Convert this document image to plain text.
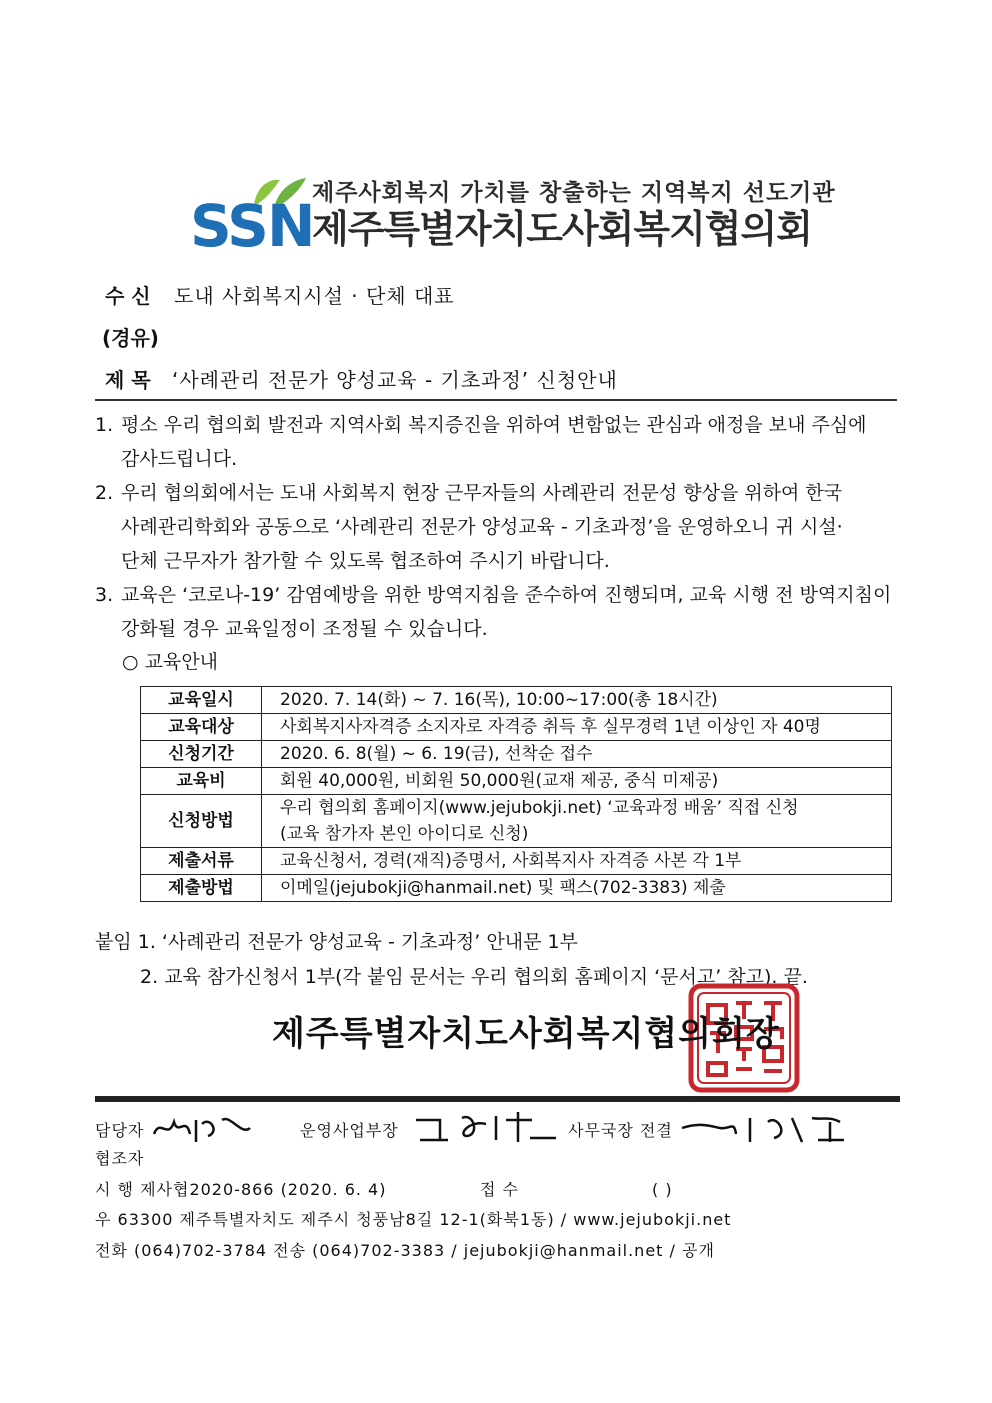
SSN
제주사회복지 가치를 창출하는 지역복지 선도기관
제주특별자치도사회복지협의회
수 신 도내 사회복지시설 · 단체 대표
(경유)
제 목 ‘사례관리 전문가 양성교육 - 기초과정’ 신청안내
1. 평소 우리 협의회 발전과 지역사회 복지증진을 위하여 변함없는 관심과 애정을 보내 주심에
감사드립니다.
2. 우리 협의회에서는 도내 사회복지 현장 근무자들의 사례관리 전문성 향상을 위하여 한국
사례관리학회와 공동으로 ‘사례관리 전문가 양성교육 - 기초과정’을 운영하오니 귀 시설·
단체 근무자가 참가할 수 있도록 협조하여 주시기 바랍니다.
3. 교육은 ‘코로나-19’ 감염예방을 위한 방역지침을 준수하여 진행되며, 교육 시행 전 방역지침이
강화될 경우 교육일정이 조정될 수 있습니다.
○ 교육안내
교육일시	2020. 7. 14(화) ~ 7. 16(목), 10:00~17:00(총 18시간)
교육대상	사회복지사자격증 소지자로 자격증 취득 후 실무경력 1년 이상인 자 40명
신청기간	2020. 6. 8(월) ~ 6. 19(금), 선착순 접수
교육비	회원 40,000원, 비회원 50,000원(교재 제공, 중식 미제공)
신청방법	우리 협의회 홈페이지(www.jejubokji.net) ‘교육과정 배움’ 직접 신청
(교육 참가자 본인 아이디로 신청)

제출서류	교육신청서, 경력(재직)증명서, 사회복지사 자격증 사본 각 1부
제출방법	이메일(jejubokji@hanmail.net) 및 팩스(702-3383) 제출
붙임 1. ‘사례관리 전문가 양성교육 - 기초과정’ 안내문 1부
2. 교육 참가신청서 1부(각 붙임 문서는 우리 협의회 홈페이지 ‘문서고’ 참고). 끝.
제주특별자치도사회복지협의회장
담당자	운영사업부장	사무국장 전결
협조자
시 행 제사협2020-866 (2020. 6. 4)	접 수	( )
우 63300 제주특별자치도 제주시 청풍남8길 12-1(화북1동) / www.jejubokji.net
전화 (064)702-3784 전송 (064)702-3383 / jejubokji@hanmail.net / 공개
